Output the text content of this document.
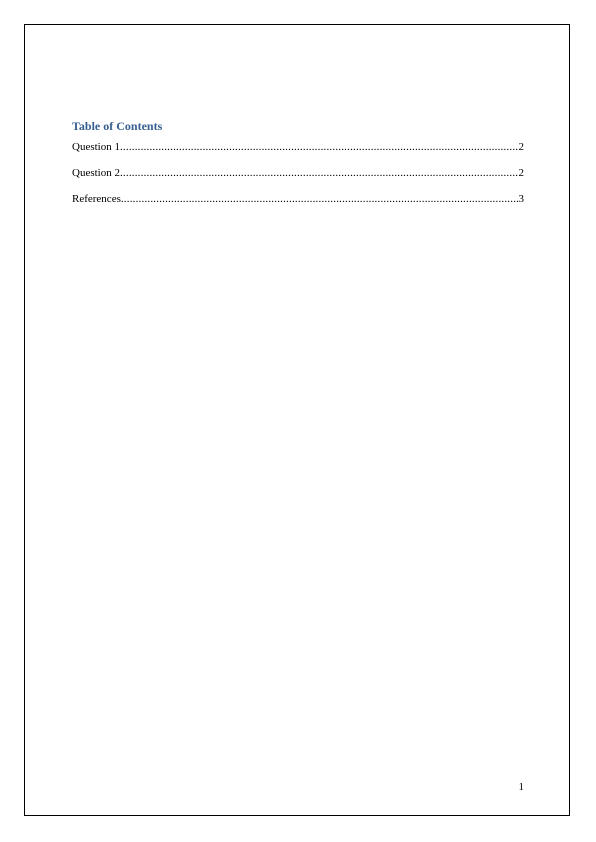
Table of Contents
Question 1 .....	2
Question 2 .....	2
References .....	3
1
